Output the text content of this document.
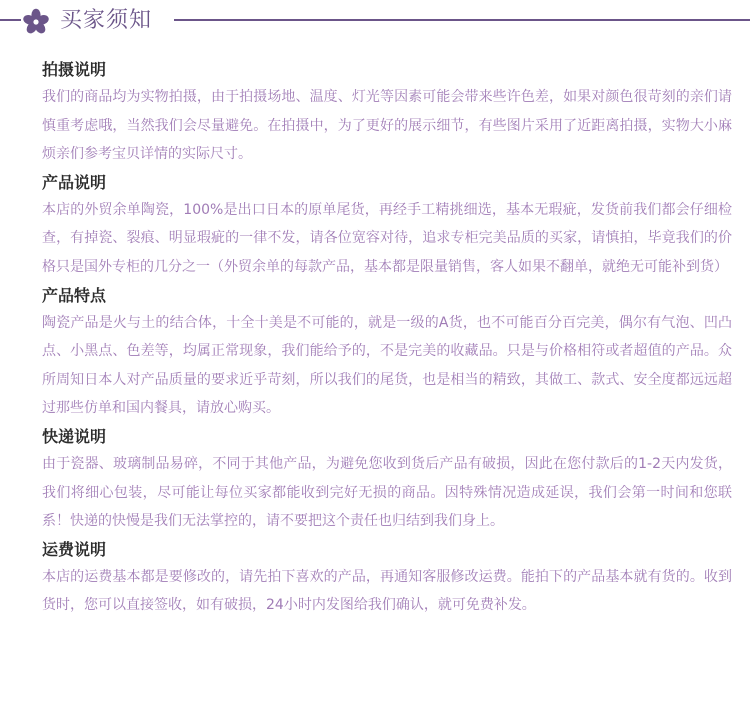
买家须知
拍摄说明

我们的商品均为实物拍摄，由于拍摄场地、温度、灯光等因素可能会带来些许色差，如果对颜色很苛刻的亲们请慎重考虑哦，当然我们会尽量避免。在拍摄中，为了更好的展示细节，有些图片采用了近距离拍摄，实物大小麻烦亲们参考宝贝详情的实际尺寸。

产品说明

本店的外贸余单陶瓷，100%是出口日本的原单尾货，再经手工精挑细选，基本无瑕疵，发货前我们都会仔细检查，有掉瓷、裂痕、明显瑕疵的一律不发，请各位宽容对待，追求专柜完美品质的买家，请慎拍，毕竟我们的价格只是国外专柜的几分之一（外贸余单的每款产品，基本都是限量销售，客人如果不翻单，就绝无可能补到货）

产品特点

陶瓷产品是火与土的结合体，十全十美是不可能的，就是一级的A货，也不可能百分百完美，偶尔有气泡、凹凸点、小黑点、色差等，均属正常现象，我们能给予的，不是完美的收藏品。只是与价格相符或者超值的产品。众所周知日本人对产品质量的要求近乎苛刻，所以我们的尾货，也是相当的精致，其做工、款式、安全度都远远超过那些仿单和国内餐具，请放心购买。

快递说明

由于瓷器、玻璃制品易碎，不同于其他产品，为避免您收到货后产品有破损，因此在您付款后的1-2天内发货，我们将细心包装，尽可能让每位买家都能收到完好无损的商品。因特殊情况造成延误，我们会第一时间和您联系！快递的快慢是我们无法掌控的，请不要把这个责任也归结到我们身上。

运费说明

本店的运费基本都是要修改的，请先拍下喜欢的产品，再通知客服修改运费。能拍下的产品基本就有货的。收到货时，您可以直接签收，如有破损，24小时内发图给我们确认，就可免费补发。
